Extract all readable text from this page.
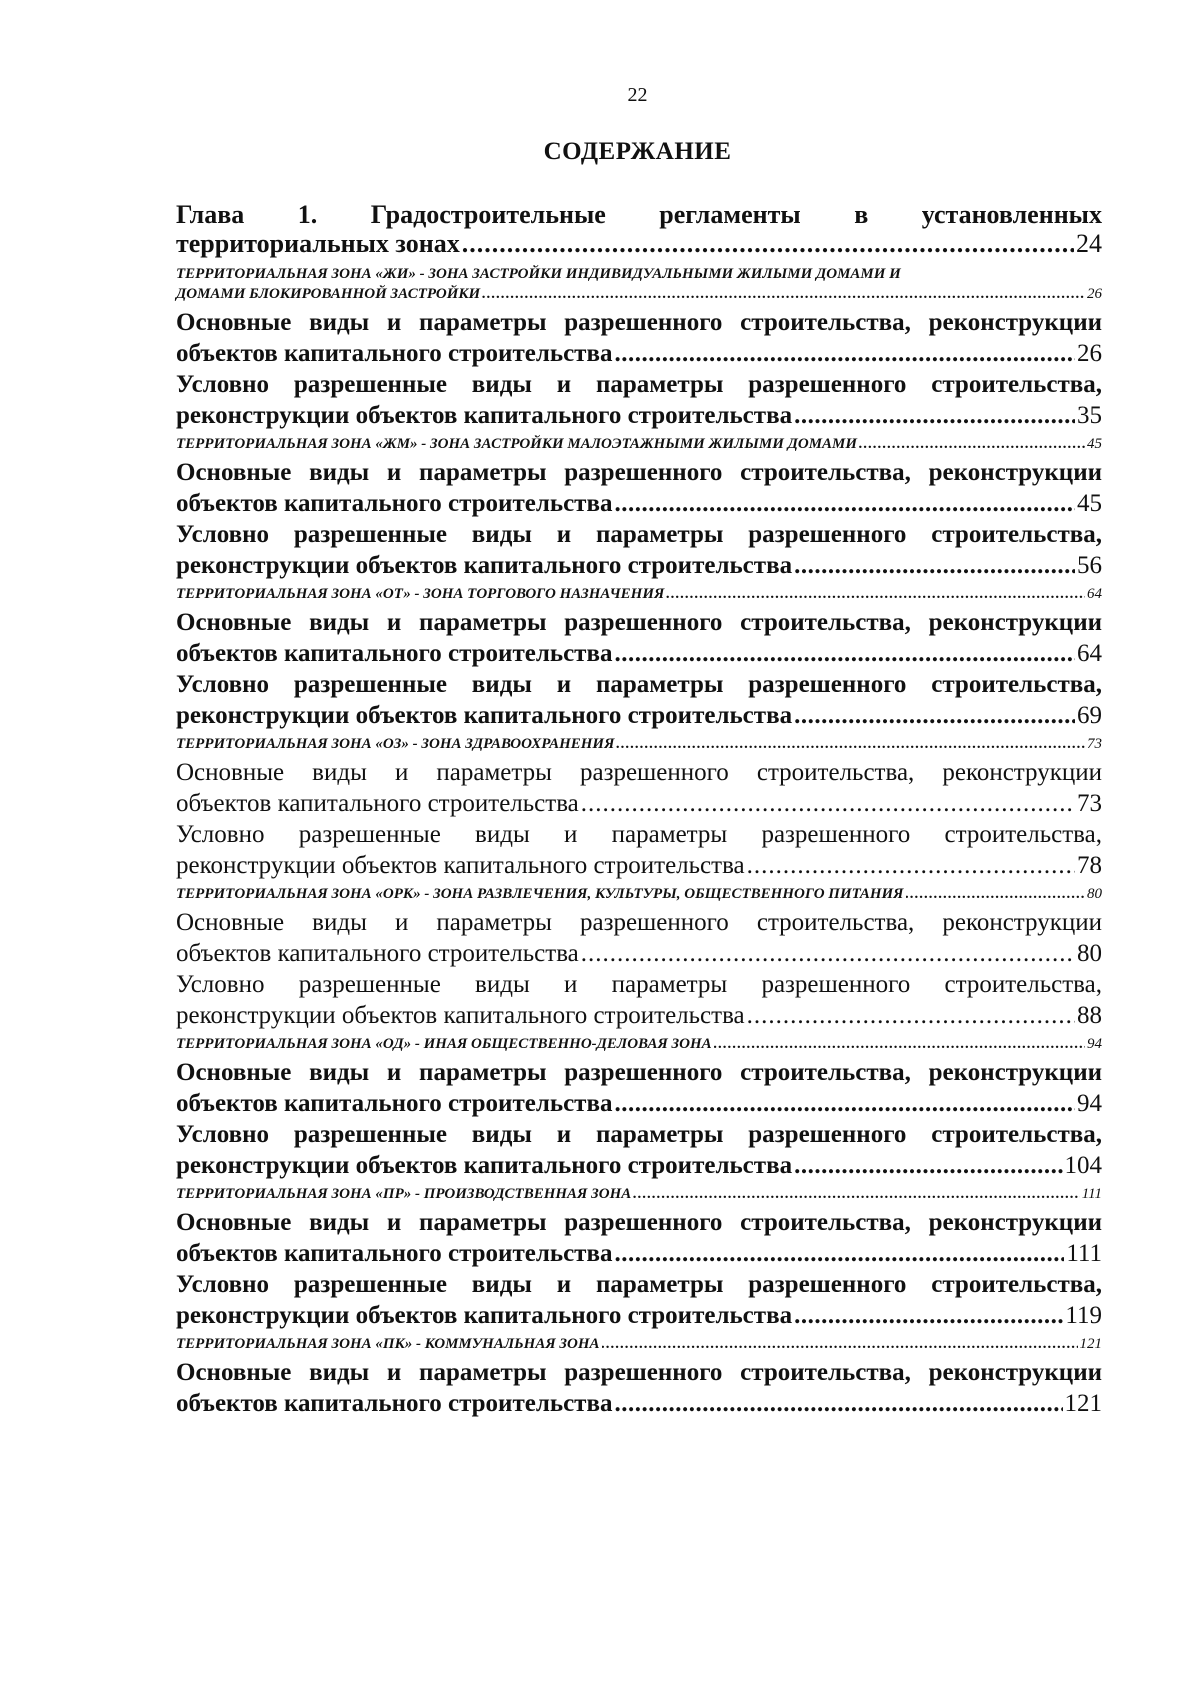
22
СОДЕРЖАНИЕ
Глава 1. Градостроительные регламенты в установленных
территориальных зонах .....	24
ТЕРРИТОРИАЛЬНАЯ ЗОНА «ЖИ» - ЗОНА ЗАСТРОЙКИ ИНДИВИДУАЛЬНЫМИ ЖИЛЫМИ ДОМАМИ И
ДОМАМИ БЛОКИРОВАННОЙ ЗАСТРОЙКИ .....	26
Основные виды и параметры разрешенного строительства, реконструкции
объектов капитального строительства .....	26
Условно разрешенные виды и параметры разрешенного строительства,
реконструкции объектов капитального строительства .....	35
ТЕРРИТОРИАЛЬНАЯ ЗОНА «ЖМ» - ЗОНА ЗАСТРОЙКИ МАЛОЭТАЖНЫМИ ЖИЛЫМИ ДОМАМИ .....	45
Основные виды и параметры разрешенного строительства, реконструкции
объектов капитального строительства .....	45
Условно разрешенные виды и параметры разрешенного строительства,
реконструкции объектов капитального строительства .....	56
ТЕРРИТОРИАЛЬНАЯ ЗОНА «ОТ» - ЗОНА ТОРГОВОГО НАЗНАЧЕНИЯ .....	64
Основные виды и параметры разрешенного строительства, реконструкции
объектов капитального строительства .....	64
Условно разрешенные виды и параметры разрешенного строительства,
реконструкции объектов капитального строительства .....	69
ТЕРРИТОРИАЛЬНАЯ ЗОНА «ОЗ» - ЗОНА ЗДРАВООХРАНЕНИЯ .....	73
Основные виды и параметры разрешенного строительства, реконструкции
объектов капитального строительства .....	73
Условно разрешенные виды и параметры разрешенного строительства,
реконструкции объектов капитального строительства .....	78
ТЕРРИТОРИАЛЬНАЯ ЗОНА «ОРК» - ЗОНА РАЗВЛЕЧЕНИЯ, КУЛЬТУРЫ, ОБЩЕСТВЕННОГО ПИТАНИЯ .....	80
Основные виды и параметры разрешенного строительства, реконструкции
объектов капитального строительства .....	80
Условно разрешенные виды и параметры разрешенного строительства,
реконструкции объектов капитального строительства .....	88
ТЕРРИТОРИАЛЬНАЯ ЗОНА «ОД» - ИНАЯ ОБЩЕСТВЕННО-ДЕЛОВАЯ ЗОНА .....	94
Основные виды и параметры разрешенного строительства, реконструкции
объектов капитального строительства .....	94
Условно разрешенные виды и параметры разрешенного строительства,
реконструкции объектов капитального строительства .....	104
ТЕРРИТОРИАЛЬНАЯ ЗОНА «ПР» - ПРОИЗВОДСТВЕННАЯ ЗОНА .....	111
Основные виды и параметры разрешенного строительства, реконструкции
объектов капитального строительства .....	111
Условно разрешенные виды и параметры разрешенного строительства,
реконструкции объектов капитального строительства .....	119
ТЕРРИТОРИАЛЬНАЯ ЗОНА «ПК» - КОММУНАЛЬНАЯ ЗОНА .....	121
Основные виды и параметры разрешенного строительства, реконструкции
объектов капитального строительства .....	121
